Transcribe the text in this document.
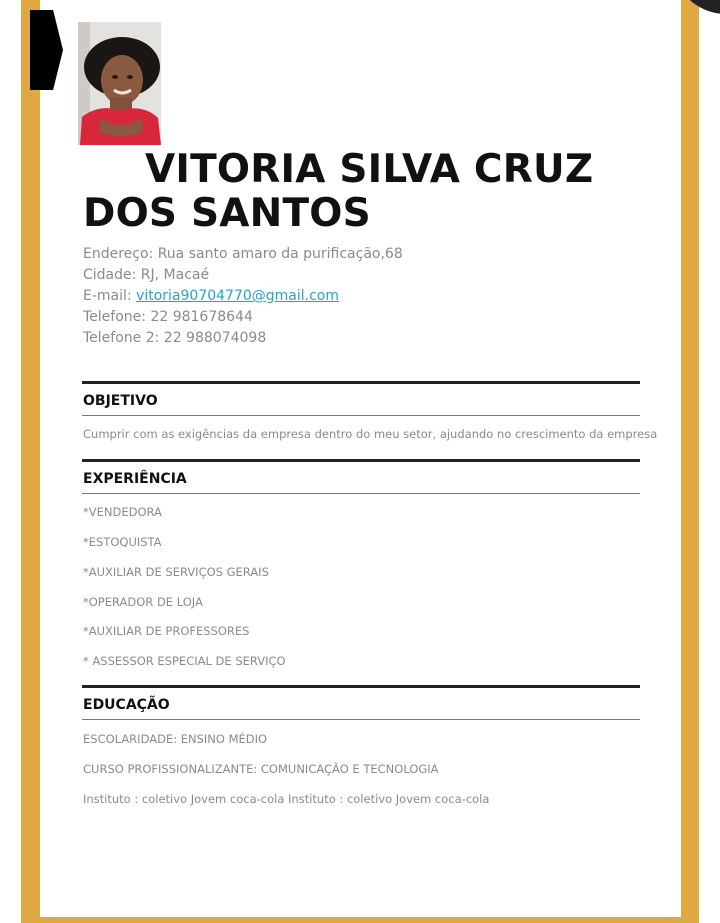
VITORIA SILVA CRUZ DOS SANTOS
Endereço: Rua santo amaro da purificação,68
Cidade: RJ, Macaé
E-mail: vitoria90704770@gmail.com
Telefone: 22 981678644
Telefone 2: 22 988074098
OBJETIVO
Cumprir com as exigências da empresa dentro do meu setor, ajudando no crescimento da empresa
EXPERIÊNCIA
*VENDEDORA
*ESTOQUISTA
*AUXILIAR DE SERVIÇOS GERAIS
*OPERADOR DE LOJA
*AUXILIAR DE PROFESSORES
* ASSESSOR ESPECIAL DE SERVIÇO
EDUCAÇÃO
ESCOLARIDADE: ENSINO MÉDIO
CURSO PROFISSIONALIZANTE: COMUNICAÇÃO E TECNOLOGIA
Instituto : coletivo Jovem coca-cola Instituto : coletivo Jovem coca-cola
